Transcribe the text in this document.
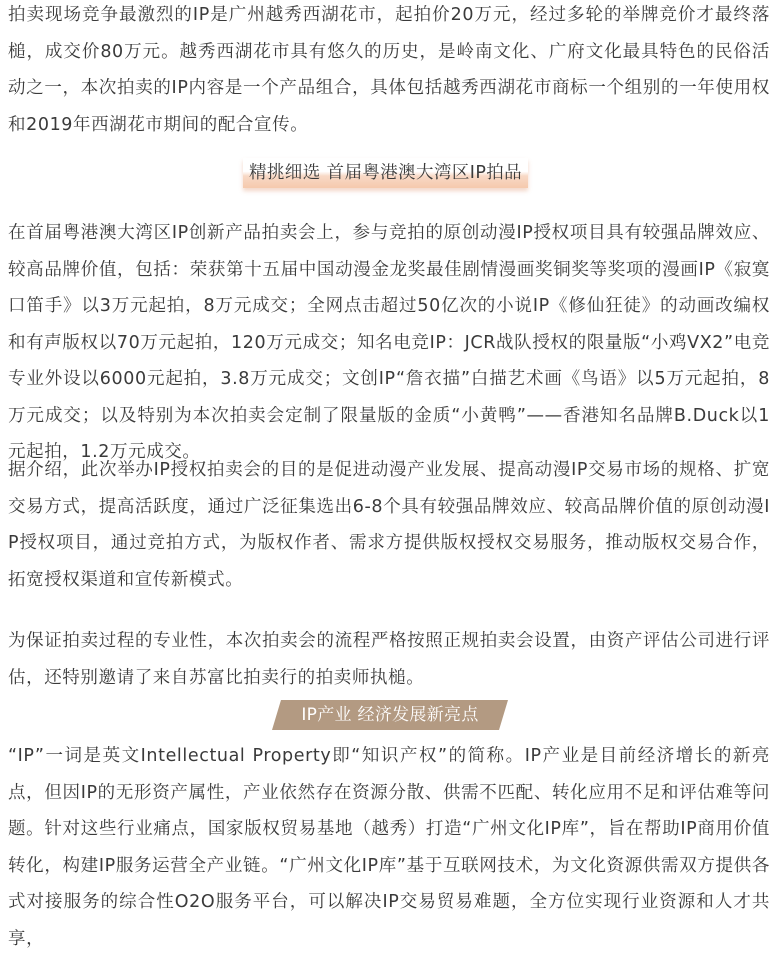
拍卖现场竞争最激烈的IP是广州越秀西湖花市，起拍价20万元，经过多轮的举牌竞价才最终落槌，成交价80万元。越秀西湖花市具有悠久的历史，是岭南文化、广府文化最具特色的民俗活动之一，本次拍卖的IP内容是一个产品组合，具体包括越秀西湖花市商标一个组别的一年使用权和2019年西湖花市期间的配合宣传。

精挑细选 首届粤港澳大湾区IP拍品

在首届粤港澳大湾区IP创新产品拍卖会上，参与竞拍的原创动漫IP授权项目具有较强品牌效应、较高品牌价值，包括：荣获第十五届中国动漫金龙奖最佳剧情漫画奖铜奖等奖项的漫画IP《寂寞口笛手》以3万元起拍，8万元成交；全网点击超过50亿次的小说IP《修仙狂徒》的动画改编权和有声版权以70万元起拍，120万元成交；知名电竞IP：JCR战队授权的限量版“小鸡VX2”电竞专业外设以6000元起拍，3.8万元成交；文创IP“詹衣描”白描艺术画《鸟语》以5万元起拍，8万元成交；以及特别为本次拍卖会定制了限量版的金质“小黄鸭”——香港知名品牌B.Duck以1元起拍，1.2万元成交。

据介绍，此次举办IP授权拍卖会的目的是促进动漫产业发展、提高动漫IP交易市场的规格、扩宽交易方式，提高活跃度，通过广泛征集选出6-8个具有较强品牌效应、较高品牌价值的原创动漫IP授权项目，通过竞拍方式，为版权作者、需求方提供版权授权交易服务，推动版权交易合作，拓宽授权渠道和宣传新模式。

为保证拍卖过程的专业性，本次拍卖会的流程严格按照正规拍卖会设置，由资产评估公司进行评估，还特别邀请了来自苏富比拍卖行的拍卖师执槌。

IP产业 经济发展新亮点

“IP”一词是英文Intellectual Property即“知识产权”的简称。IP产业是目前经济增长的新亮点，但因IP的无形资产属性，产业依然存在资源分散、供需不匹配、转化应用不足和评估难等问题。针对这些行业痛点，国家版权贸易基地（越秀）打造“广州文化IP库”，旨在帮助IP商用价值转化，构建IP服务运营全产业链。“广州文化IP库”基于互联网技术，为文化资源供需双方提供各式对接服务的综合性O2O服务平台，可以解决IP交易贸易难题，全方位实现行业资源和人才共享，
